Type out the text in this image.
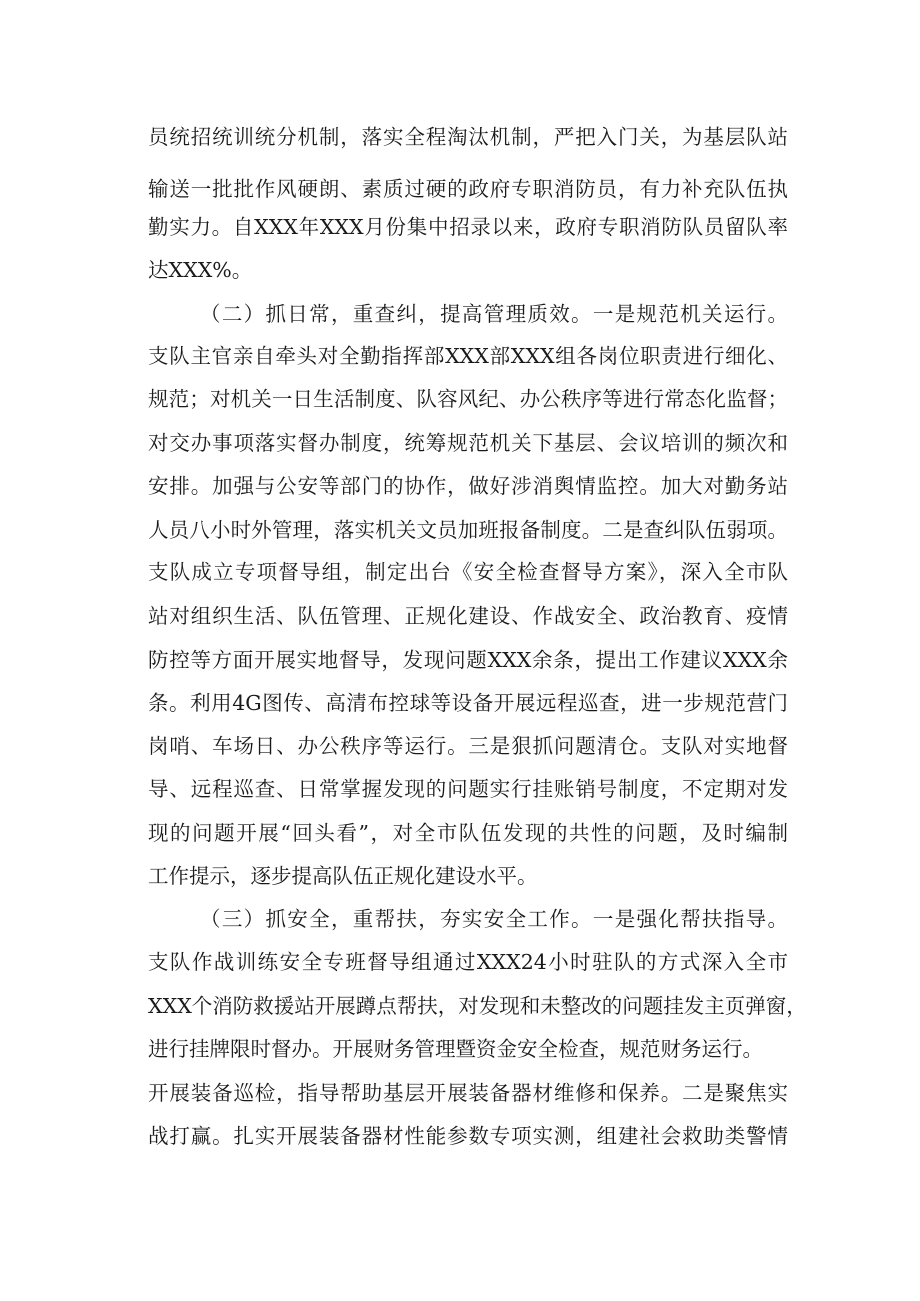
员统招统训统分机制，落实全程淘汰机制，严把入门关，为基层队站
输送一批批作风硬朗、素质过硬的政府专职消防员，有力补充队伍执
勤实力。自XXX年XXX月份集中招录以来，政府专职消防队员留队率
达XXX%。
（二）抓日常，重查纠，提高管理质效。一是规范机关运行。
支队主官亲自牵头对全勤指挥部XXX部XXX组各岗位职责进行细化、
规范；对机关一日生活制度、队容风纪、办公秩序等进行常态化监督；
对交办事项落实督办制度，统筹规范机关下基层、会议培训的频次和
安排。加强与公安等部门的协作，做好涉消舆情监控。加大对勤务站
人员八小时外管理，落实机关文员加班报备制度。二是查纠队伍弱项。
支队成立专项督导组，制定出台《安全检查督导方案》，深入全市队
站对组织生活、队伍管理、正规化建设、作战安全、政治教育、疫情
防控等方面开展实地督导，发现问题XXX余条，提出工作建议XXX余
条。利用4G图传、高清布控球等设备开展远程巡查，进一步规范营门
岗哨、车场日、办公秩序等运行。三是狠抓问题清仓。支队对实地督
导、远程巡查、日常掌握发现的问题实行挂账销号制度，不定期对发
现的问题开展“回头看”，对全市队伍发现的共性的问题，及时编制
工作提示，逐步提高队伍正规化建设水平。
（三）抓安全，重帮扶，夯实安全工作。一是强化帮扶指导。
支队作战训练安全专班督导组通过XXX24小时驻队的方式深入全市
XXX个消防救援站开展蹲点帮扶，对发现和未整改的问题挂发主页弹窗，
进行挂牌限时督办。开展财务管理暨资金安全检查，规范财务运行。
开展装备巡检，指导帮助基层开展装备器材维修和保养。二是聚焦实
战打赢。扎实开展装备器材性能参数专项实测，组建社会救助类警情
